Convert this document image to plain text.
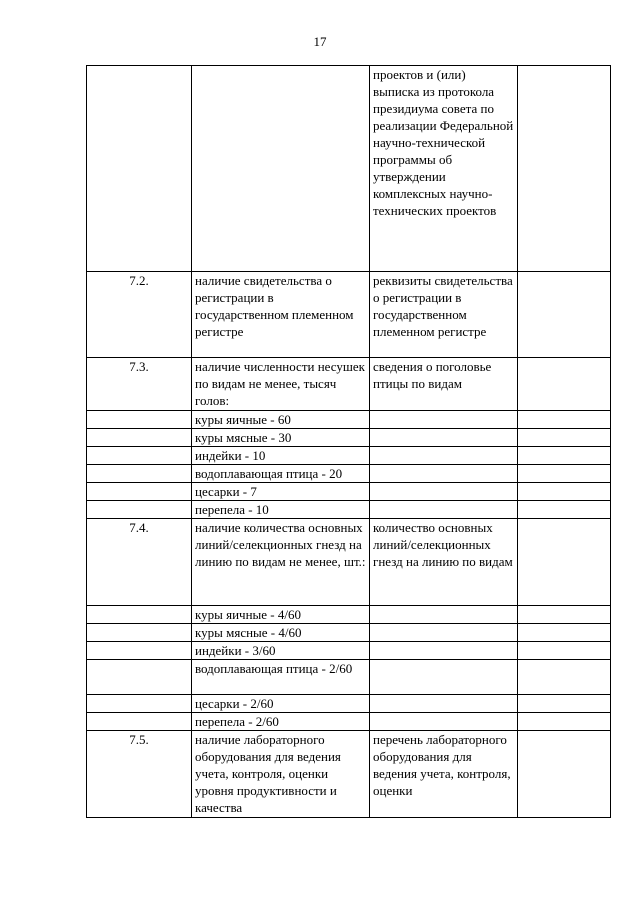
17
		проектов и (или) выписка из протокола президиума совета по реализации Федеральной научно-технической программы об утверждении комплексных научно-технических проектов	
7.2.	наличие свидетельства о регистрации в государственном племенном регистре	реквизиты свидетельства о регистрации в государственном племенном регистре	
7.3.	наличие численности несушек по видам не менее, тысяч голов:	сведения о поголовье птицы по видам	
	куры яичные - 60		
	куры мясные - 30		
	индейки - 10		
	водоплавающая птица - 20		
	цесарки - 7		
	перепела - 10		
7.4.	наличие количества основных линий/селекционных гнезд на линию по видам не менее, шт.:	количество основных линий/селекционных гнезд на линию по видам	
	куры яичные - 4/60		
	куры мясные - 4/60		
	индейки - 3/60		
	водоплавающая птица - 2/60		
	цесарки - 2/60		
	перепела - 2/60		
7.5.	наличие лабораторного оборудования для ведения учета, контроля, оценки уровня продуктивности и качества	перечень лабораторного оборудования для ведения учета, контроля, оценки	
